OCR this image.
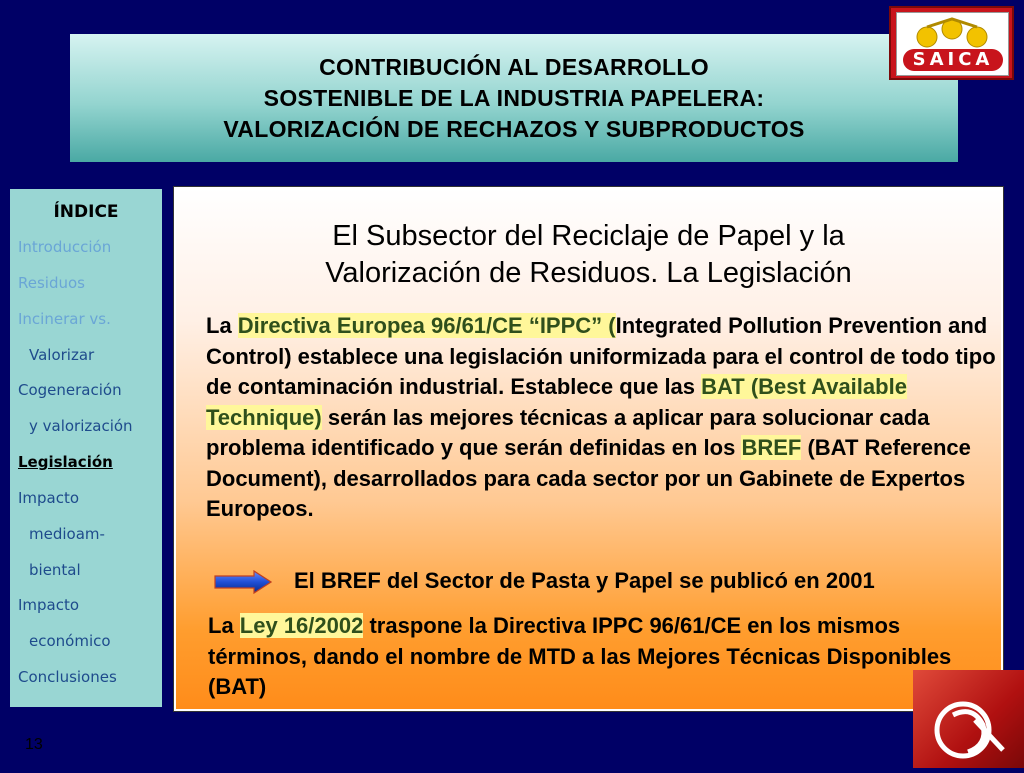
CONTRIBUCIÓN AL DESARROLLO
SOSTENIBLE DE LA INDUSTRIA PAPELERA:
VALORIZACIÓN DE RECHAZOS Y SUBPRODUCTOS
SAICA
ÍNDICE
Introducción
Residuos
Incinerar vs.
Valorizar
Cogeneración
y valorización
Legislación
Impacto
medioam-
biental
Impacto
económico
Conclusiones
El Subsector del Reciclaje de Papel y la
Valorización de Residuos. La Legislación
La Directiva Europea 96/61/CE “IPPC” (Integrated Pollution Prevention and Control) establece una legislación uniformizada para el control de todo tipo de contaminación industrial. Establece que las BAT (Best Available Technique) serán las mejores técnicas a aplicar para solucionar cada problema identificado y que serán definidas en los BREF (BAT Reference Document), desarrollados para cada sector por un Gabinete de Expertos Europeos.
El BREF del Sector de Pasta y Papel se publicó en 2001
La Ley 16/2002 traspone la Directiva IPPC 96/61/CE en los mismos términos, dando el nombre de MTD a las Mejores Técnicas Disponibles (BAT)
13
